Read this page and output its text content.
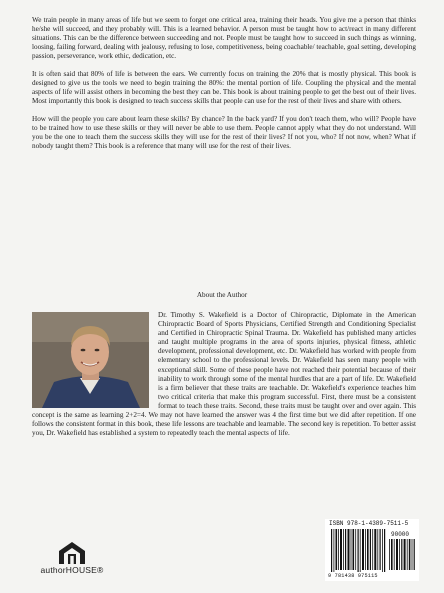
We train people in many areas of life but we seem to forget one critical area, training their heads. You give me a person that thinks he/she will succeed, and they probably will. This is a learned behavior. A person must be taught how to act/react in many different situations. This can be the difference between succeeding and not. People must be taught how to succeed in such things as winning, loosing, failing forward, dealing with jealousy, refusing to lose, competitiveness, being coachable/ teachable, goal setting, developing passion, perseverance, work ethic, dedication, etc.

It is often said that 80% of life is between the ears. We currently focus on training the 20% that is mostly physical. This book is designed to give us the tools we need to begin training the 80%: the mental portion of life. Coupling the physical and the mental aspects of life will assist others in becoming the best they can be. This book is about training people to get the best out of their lives. Most importantly this book is designed to teach success skills that people can use for the rest of their lives and share with others.

How will the people you care about learn these skills? By chance? In the back yard? If you don't teach them, who will? People have to be trained how to use these skills or they will never be able to use them. People cannot apply what they do not understand. Will you be the one to teach them the success skills they will use for the rest of their lives? If not you, who? If not now, when? What if nobody taught them? This book is a reference that many will use for the rest of their lives.

About the Author

Dr. Timothy S. Wakefield is a Doctor of Chiropractic, Diplomate in the American Chiropractic Board of Sports Physicians, Certified Strength and Conditioning Specialist and Certified in Chiropractic Spinal Trauma. Dr. Wakefield has published many articles and taught multiple programs in the area of sports injuries, physical fitness, athletic development, professional development, etc. Dr. Wakefield has worked with people from elementary school to the professional levels. Dr. Wakefield has seen many people with exceptional skill. Some of these people have not reached their potential because of their inability to work through some of the mental hurdles that are a part of life. Dr. Wakefield is a firm believer that these traits are teachable. Dr. Wakefield's experience teaches him two critical criteria that make this program successful. First, there must be a consistent format to teach these traits. Second, these traits must be taught over and over again. This concept is the same as learning 2+2=4. We may not have learned the answer was 4 the first time but we did after repetition. If one follows the consistent format in this book, these life lessons are teachable and learnable. The second key is repetition. To better assist you, Dr. Wakefield has established a system to repeatedly teach the mental aspects of life.

authorHOUSE®
ISBN 978-1-4389-7511-5
90000
9 781438 975115
